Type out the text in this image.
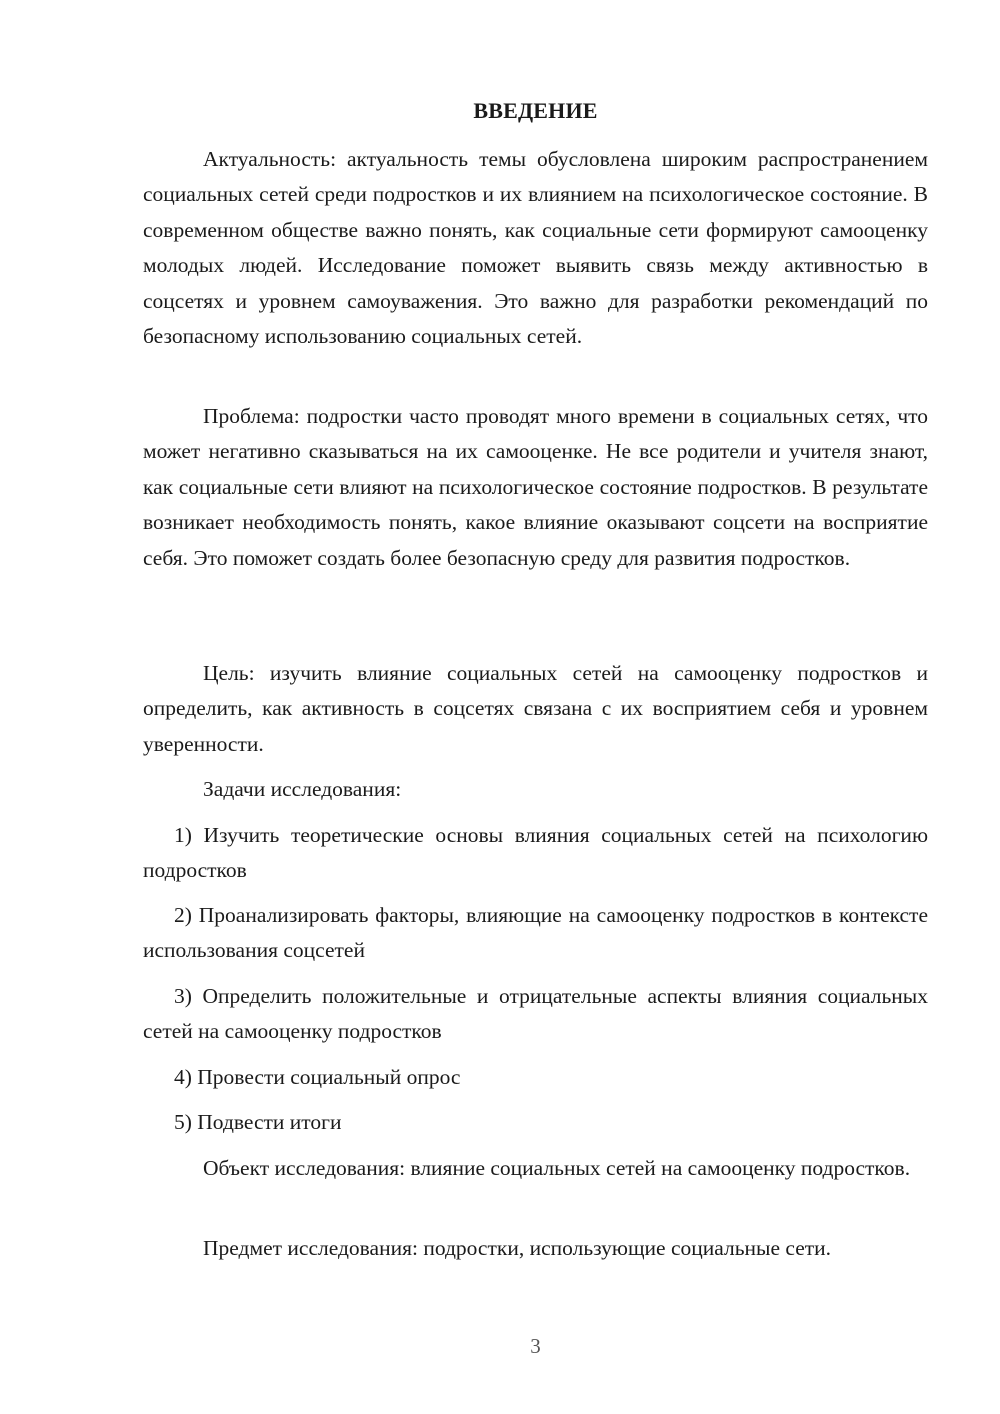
ВВЕДЕНИЕ

Актуальность: актуальность темы обусловлена широким распространением социальных сетей среди подростков и их влиянием на психологическое состояние. В современном обществе важно понять, как социальные сети формируют самооценку молодых людей. Исследование поможет выявить связь между активностью в соцсетях и уровнем самоуважения. Это важно для разработки рекомендаций по безопасному использованию социальных сетей.

Проблема: подростки часто проводят много времени в социальных сетях, что может негативно сказываться на их самооценке. Не все родители и учителя знают, как социальные сети влияют на психологическое состояние подростков. В результате возникает необходимость понять, какое влияние оказывают соцсети на восприятие себя. Это поможет создать более безопасную среду для развития подростков.

Цель: изучить влияние социальных сетей на самооценку подростков и определить, как активность в соцсетях связана с их восприятием себя и уровнем уверенности.

Задачи исследования:

1) Изучить теоретические основы влияния социальных сетей на психологию подростков

2) Проанализировать факторы, влияющие на самооценку подростков в контексте использования соцсетей

3) Определить положительные и отрицательные аспекты влияния социальных сетей на самооценку подростков

4) Провести социальный опрос

5) Подвести итоги

Объект исследования: влияние социальных сетей на самооценку подростков.

Предмет исследования: подростки, использующие социальные сети.

3
